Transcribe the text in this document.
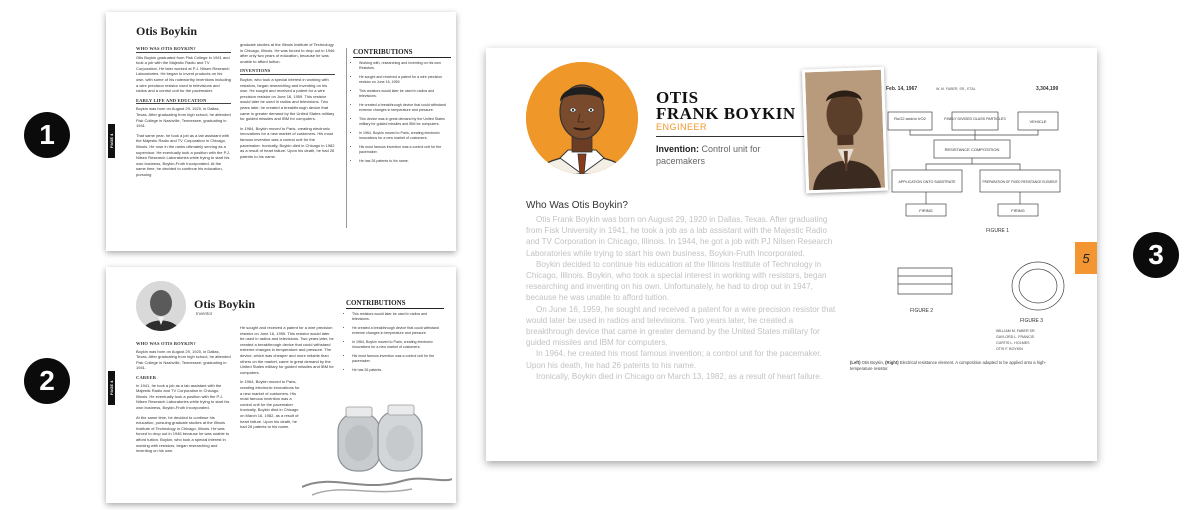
1
2
3
PAGE 4
Otis Boykin
WHO WAS OTIS BOYKIN?

Otis Boykin graduated from Fisk College in 1941 and took a job with the Majestic Radio and TV Corporation. He later worked at P.J. Nilsen Research Laboratories. He began to invent products on his own, with some of his noteworthy inventions including a wire precision resistor used in televisions and radios and a control unit for the pacemaker.

EARLY LIFE AND EDUCATION

Boykin was born on August 29, 1920, in Dallas, Texas. After graduating from high school, he attended Fisk College in Nashville, Tennessee, graduating in 1941.

That same year, he took a job as a lab assistant with the Majestic Radio and TV Corporation in Chicago, Illinois. He rose in the ranks ultimately serving as a supervisor. He eventually took a position with the P.J. Nilsen Research Laboratories while trying to start his own business, Boykin-Fruth Incorporated. At the same time, he decided to continue his education, pursuing

graduate studies at the Illinois Institute of Technology in Chicago, Illinois. He was forced to drop out in 1946 after only two years of education, because he was unable to afford tuition.

INVENTIONS

Boykin, who took a special interest in working with resistors, began researching and inventing on his own. He sought and received a patent for a wire precision resistor on June 16, 1959. This resistor would later be used in radios and televisions. Two years later, he created a breakthrough device that came in greater demand by the United States military for guided missiles and IBM for computers.

In 1964, Boykin moved to Paris, creating electronic innovations for a new market of customers. His most famous invention was a control unit for the pacemaker. Ironically, Boykin died in Chicago in 1982 as a result of heart failure. Upon his death, he had 26 patents to his name.

CONTRIBUTIONS
• Working with, researching and inventing on his own Resistors.
• He sought and received a patent for a wire precision resistor on June 16, 1959.
• This resistors would later be used in radios and televisions.
• He created a breakthrough device that could withstand extreme changes in temperature and pressure.
• This device was in great demand by the United States military for guided missiles and IBM for computers.
• In 1964, Boykin moved to Paris, creating electronic innovations for a new market of customers.
• His most famous invention was a control unit for the pacemaker.
• He has 26 patents to his name.
PAGE 4
Otis Boykin
Inventor
WHO WAS OTIS BOYKIN?

Boykin was born on August 29, 1920, in Dallas, Texas. After graduating from high school, he attended Fisk College in Nashville, Tennessee, graduating in 1941.

CAREER

In 1941, he took a job as a lab assistant with the Majestic Radio and TV Corporation in Chicago, Illinois. He eventually took a position with the P.J. Nilsen Research Laboratories while trying to start his own business, Boykin-Fruth Incorporated.

At the same time, he decided to continue his education, pursuing graduate studies at the Illinois Institute of Technology in Chicago, Illinois. He was forced to drop out in 1946 because he was unable to afford tuition. Boykin, who took a special interest in working with resistors, began researching and inventing on his own.

He sought and received a patent for a wire precision resistor on June 16, 1959. This resistor would later be used in radios and televisions. Two years later, he created a breakthrough device that could withstand extreme changes in temperature and pressure. The device, which was cheaper and more reliable than others on the market, came in great demand by the United States military for guided missiles and IBM for computers.

In 1964, Boykin moved to Paris, creating electronic innovations for a new market of customers. His most famous invention was a control unit for the pacemaker. Ironically, Boykin died in Chicago on March 16, 1982, as a result of heart failure. Upon his death, he had 26 patents to his name.

CONTRIBUTIONS
• This resistors would later be used in radios and televisions.
• He created a breakthrough device that could withstand extreme changes in temperature and pressure.
• In 1964, Boykin moved to Paris, creating electronic innovations for a new market of customers.
• His most famous invention was a control unit for the pacemaker.
• He has 26 patents.
OTIS
FRANK BOYKIN
ENGINEER
Invention: Control unit for pacemakers
Feb. 14, 1967	W. M. FABER, SR., ETAL	3,304,199
RuO2 and/or IrO2	FINELY DIVIDED GLASS PARTICLES	VEHICLE
RESISTANCE COMPOSITION
APPLICATION ONTO SUBSTRATE	PREPARATION OF FIXED RESISTANCE ELEMENT
FIRING	FIRING
FIGURE 1
FIGURE 2
FIGURE 3
WILLIAM M. FABER SR.
GAYLORD L. FRANCIS
CURTIS L. HOLMES
OTIS F. BOYKIN
Who Was Otis Boykin?

Otis Frank Boykin was born on August 29, 1920 in Dallas, Texas. After graduating from Fisk University in 1941, he took a job as a lab assistant with the Majestic Radio and TV Corporation in Chicago, Illinois. In 1944, he got a job with PJ Nilsen Research Laboratories while trying to start his own business, Boykin-Fruth Incorporated.

Boykin decided to continue his education at the Illinois Institute of Technology in Chicago, Illinois. Boykin, who took a special interest in working with resistors, began researching and inventing on his own. Unfortunately, he had to drop out in 1947, because he was unable to afford tuition.

On June 16, 1959, he sought and received a patent for a wire precision resistor that would later be used in radios and televisions. Two years later, he created a breakthrough device that came in greater demand by the United States military for guided missiles and IBM for computers.

In 1964, he created his most famous invention; a control unit for the pacemaker. Upon his death, he had 26 patents to his name.

Ironically, Boykin died in Chicago on March 13, 1982, as a result of heart failure.

(Left) Otis Boykin, (Right) Electrical resistance element. A composition adapted to be applied onto a high-temperature resistor.
5
